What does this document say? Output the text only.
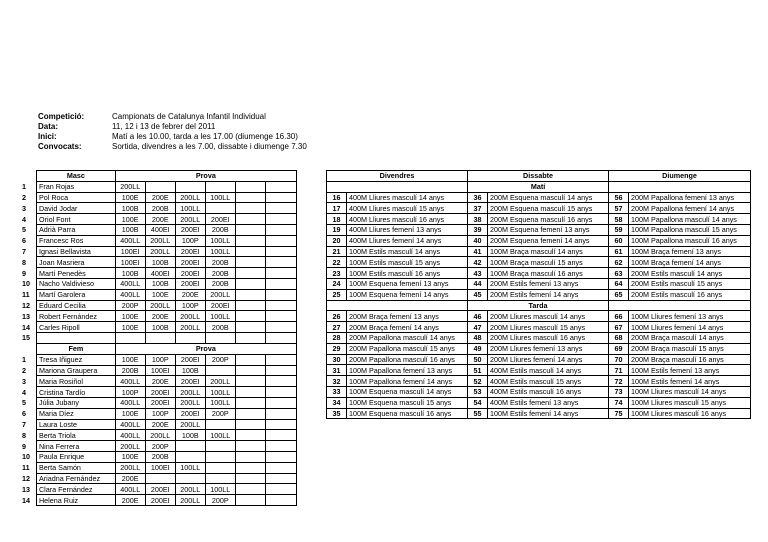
Competició:	Campionats de Catalunya Infantil Individual
Data:	11, 12 i 13 de febrer del 2011
Inici:	Matí a les 10.00, tarda a les 17.00 (diumenge 16.30)
Convocats:	Sortida, divendres a les 7.00, dissabte i diumenge 7.30
	Masc	Prova					
1	Fran Rojas	200LL					
2	Pol Roca	100E	200E	200LL	100LL		
3	David Jodar	100B	200B	100LL			
4	Oriol Font	100E	200E	200LL	200EI		
5	Adrià Parra	100B	400EI	200EI	200B		
6	Francesc Ros	400LL	200LL	100P	100LL		
7	Ignasi Bellavista	100EI	200LL	200EI	100LL		
8	Joan Masriera	100EI	100B	200EI	200B		
9	Martí Penedès	100B	400EI	200EI	200B		
10	Nacho Valdivieso	400LL	100B	200EI	200B		
11	Martí Garolera	400LL	100E	200E	200LL		
12	Eduard Cecilia	200P	200LL	100P	200EI		
13	Robert Fernández	100E	200E	200LL	100LL		
14	Carles Ripoll	100E	100B	200LL	200B		
15							
	Fem	Prova					
1	Tresa Iñiguez	100E	100P	200EI	200P		
2	Mariona Graupera	200B	100EI	100B			
3	Maria Rosiñol	400LL	200E	200EI	200LL		
4	Cristina Tardío	100P	200EI	200LL	100LL		
5	Júlia Jubany	400LL	200EI	200LL	100LL		
6	Maria Díez	100E	100P	200EI	200P		
7	Laura Loste	400LL	200E	200LL			
8	Berta Triola	400LL	200LL	100B	100LL		
9	Nina Ferrera	200LL	200P				
10	Paula Enrique	100E	200B				
11	Berta Samón	200LL	100EI	100LL			
12	Ariadna Fernández	200E					
13	Clara Fernández	400LL	200EI	200LL	100LL		
14	Helena Ruiz	200E	200EI	200LL	200P		
Divendres		Dissabte		Diumenge	
		Matí			
16	400M Lliures masculí 14 anys	36	200M Esquena masculí 14 anys	56	200M Papallona femení 13 anys
17	400M Lliures masculí 15 anys	37	200M Esquena masculí 15 anys	57	200M Papallona femení 14 anys
18	400M Lliures masculí 16 anys	38	200M Esquena masculí 16 anys	58	100M Papallona masculí 14 anys
19	400M Lliures femení 13 anys	39	200M Esquena femení 13 anys	59	100M Papallona masculí 15 anys
20	400M Lliures femení 14 anys	40	200M Esquena femení 14 anys	60	100M Papallona masculí 16 anys
21	100M Estils masculí 14 anys	41	100M Braça masculí 14 anys	61	100M Braça femení 13 anys
22	100M Estils masculí 15 anys	42	100M Braça masculí 15 anys	62	100M Braça femení 14 anys
23	100M Estils masculí 16 anys	43	100M Braça masculí 16 anys	63	200M Estils masculí 14 anys
24	100M Esquena femení 13 anys	44	200M Estils femení 13 anys	64	200M Estils masculí 15 anys
25	100M Esquena femení 14 anys	45	200M Estils femení 14 anys	65	200M Estils masculí 16 anys
		Tarda			
26	200M Braça femení 13 anys	46	200M Lliures masculí 14 anys	66	100M Lliures femení 13 anys
27	200M Braça femení 14 anys	47	200M Lliures masculí 15 anys	67	100M Lliures femení 14 anys
28	200M Papallona masculí 14 anys	48	200M Lliures masculí 16 anys	68	200M Braça masculí 14 anys
29	200M Papallona masculí 15 anys	49	200M Lliures femení 13 anys	69	200M Braça masculí 15 anys
30	200M Papallona masculí 16 anys	50	200M Lliures femení 14 anys	70	200M Braça masculí 16 anys
31	100M Papallona femení 13 anys	51	400M Estils masculí 14 anys	71	100M Estils femení 13 anys
32	100M Papallona femení 14 anys	52	400M Estils masculí 15 anys	72	100M Estils femení 14 anys
33	100M Esquena masculí 14 anys	53	400M Estils masculí 16 anys	73	100M Lliures masculí 14 anys
34	100M Esquena masculí 15 anys	54	400M Estils femení 13 anys	74	100M Lliures masculí 15 anys
35	100M Esquena masculí 16 anys	55	100M Estils femení 14 anys	75	100M Lliures masculí 16 anys
